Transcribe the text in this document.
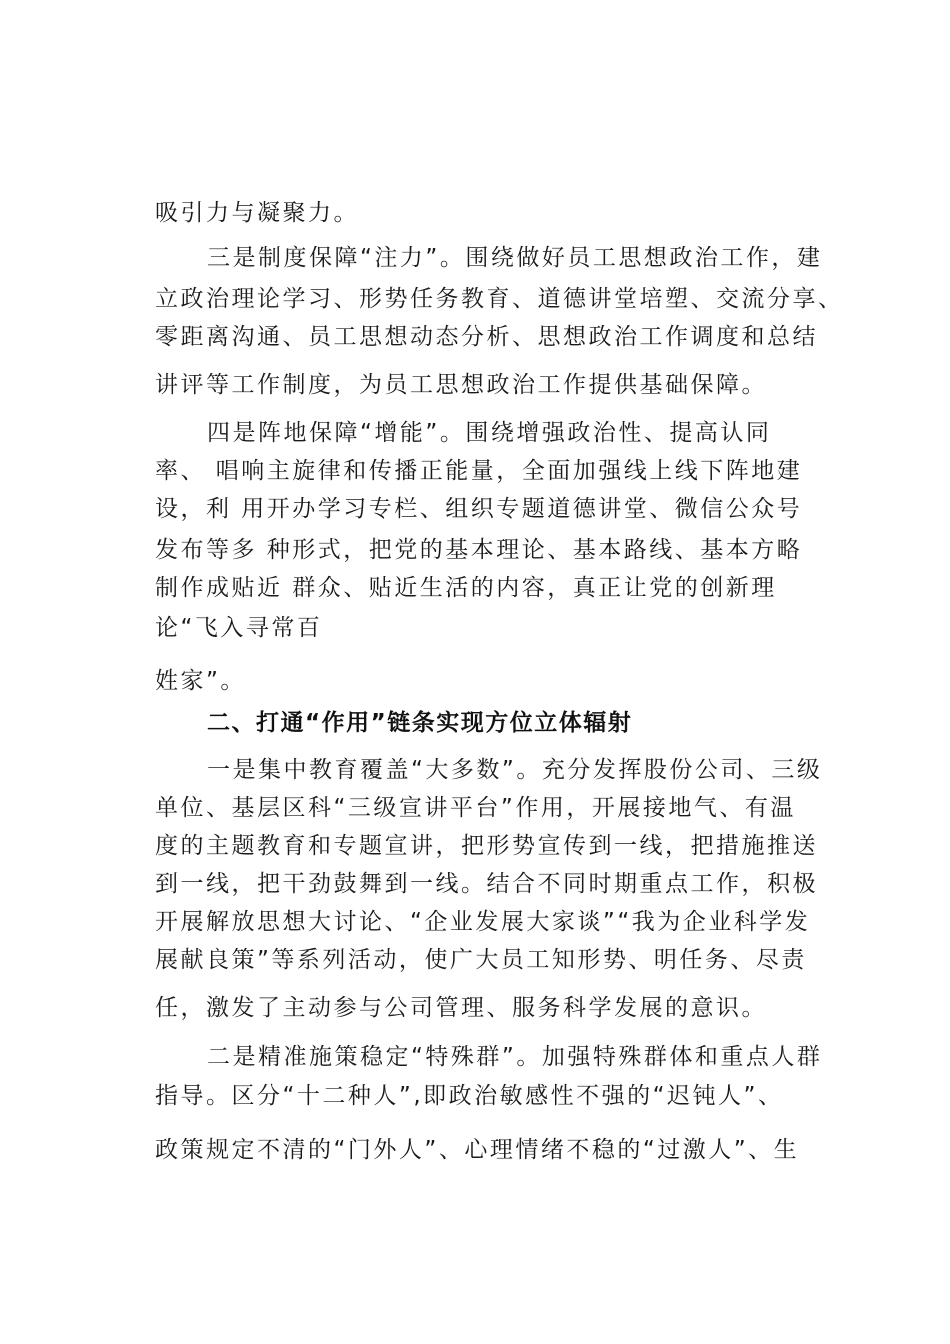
吸引力与凝聚力。
三是制度保障“注力”。围绕做好员工思想政治工作，建
立政治理论学习、形势任务教育、道德讲堂培塑、交流分享、
零距离沟通、员工思想动态分析、思想政治工作调度和总结
讲评等工作制度，为员工思想政治工作提供基础保障。
四是阵地保障“增能”。围绕增强政治性、提高认同
率、 唱响主旋律和传播正能量，全面加强线上线下阵地建
设，利 用开办学习专栏、组织专题道德讲堂、微信公众号
发布等多 种形式，把党的基本理论、基本路线、基本方略
制作成贴近 群众、贴近生活的内容，真正让党的创新理
论“飞入寻常百
姓家”。
二、打通“作用”链条实现方位立体辐射
一是集中教育覆盖“大多数”。充分发挥股份公司、三级
单位、基层区科“三级宣讲平台”作用，开展接地气、有温
度的主题教育和专题宣讲，把形势宣传到一线，把措施推送
到一线，把干劲鼓舞到一线。结合不同时期重点工作，积极
开展解放思想大讨论、“企业发展大家谈”“我为企业科学发
展献良策”等系列活动，使广大员工知形势、明任务、尽责
任，激发了主动参与公司管理、服务科学发展的意识。
二是精准施策稳定“特殊群”。加强特殊群体和重点人群
指导。区分“十二种人”,即政治敏感性不强的“迟钝人”、
政策规定不清的“门外人”、心理情绪不稳的“过激人”、生
